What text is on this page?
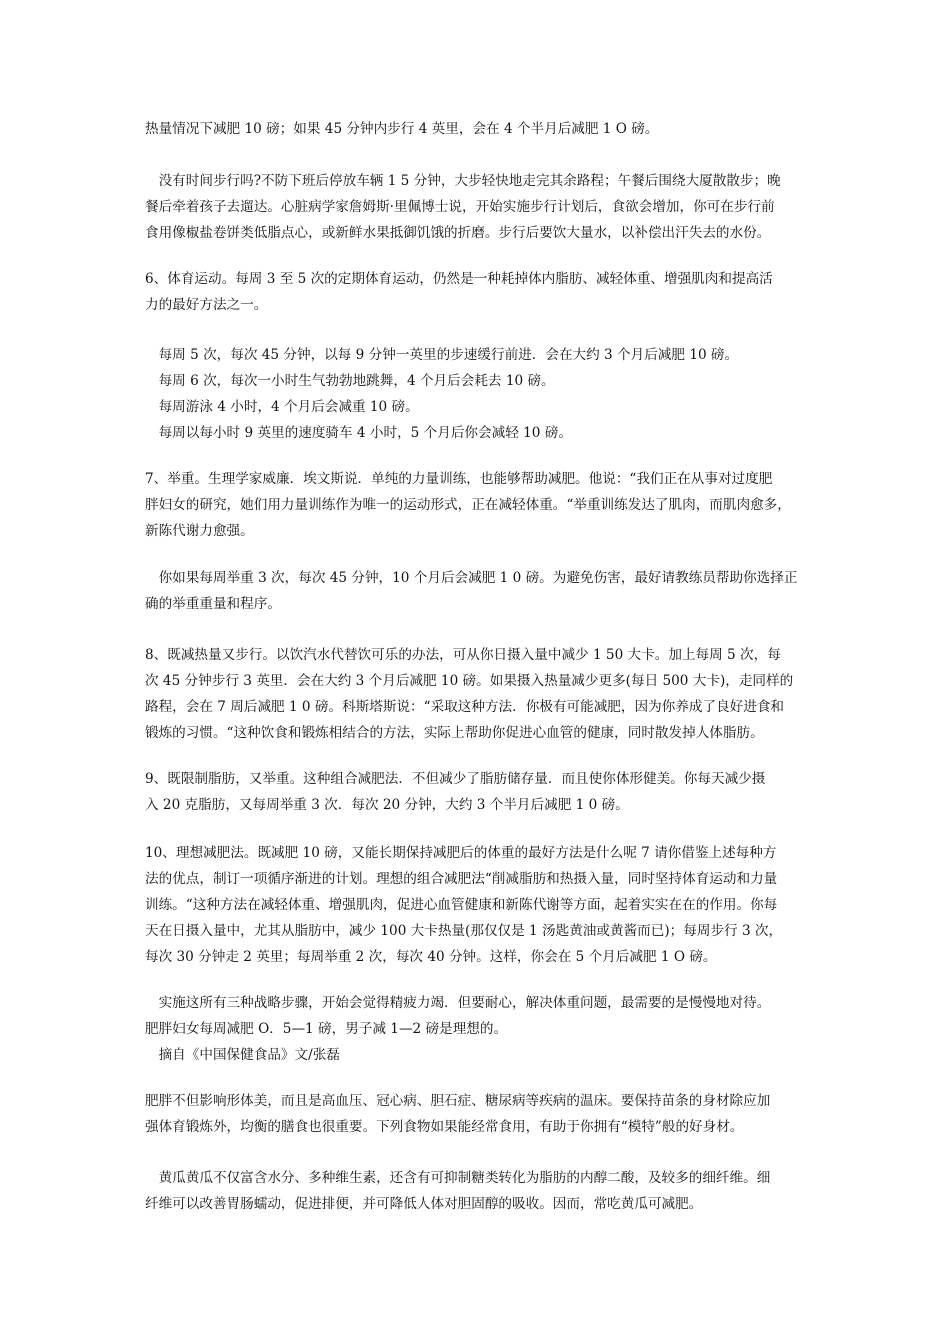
热量情况下减肥 10 磅；如果 45 分钟内步行 4 英里，会在 4 个半月后减肥 1 O 磅。

　没有时间步行吗?不防下班后停放车辆 1 5 分钟，大步轻快地走完其余路程；午餐后围绕大厦散散步；晚
餐后牵着孩子去遛达。心脏病学家詹姆斯·里佩博士说，开始实施步行计划后，食欲会增加，你可在步行前
食用像椒盐卷饼类低脂点心，或新鲜水果抵御饥饿的折磨。步行后要饮大量水，以补偿出汗失去的水份。

6、体育运动。每周 3 至 5 次的定期体育运动，仍然是一种耗掉体内脂肪、减轻体重、增强肌肉和提高活
力的最好方法之一。

　每周 5 次，每次 45 分钟，以每 9 分钟一英里的步速缓行前进．会在大约 3 个月后减肥 10 磅。
　每周 6 次，每次一小时生气勃勃地跳舞，4 个月后会耗去 10 磅。
　每周游泳 4 小时，4 个月后会减重 10 磅。
　每周以每小时 9 英里的速度骑车 4 小时，5 个月后你会减轻 10 磅。

7、举重。生理学家威廉．埃文斯说．单纯的力量训练，也能够帮助减肥。他说：“我们正在从事对过度肥
胖妇女的研究，她们用力量训练作为唯一的运动形式，正在减轻体重。“举重训练发达了肌肉，而肌肉愈多，
新陈代谢力愈强。

　你如果每周举重 3 次，每次 45 分钟，10 个月后会减肥 1 0 磅。为避免伤害，最好请教练员帮助你选择正
确的举重重量和程序。

8、既减热量又步行。以饮汽水代替饮可乐的办法，可从你日摄入量中减少 1 50 大卡。加上每周 5 次，每
次 45 分钟步行 3 英里．会在大约 3 个月后减肥 10 磅。如果摄入热量减少更多(每日 500 大卡)，走同样的
路程，会在 7 周后减肥 1 0 磅。科斯塔斯说：“采取这种方法．你极有可能减肥，因为你养成了良好进食和
锻炼的习惯。“这种饮食和锻炼相结合的方法，实际上帮助你促进心血管的健康，同时散发掉人体脂肪。

9、既限制脂肪，又举重。这种组合减肥法．不但减少了脂肪储存量．而且使你体形健美。你每天减少摄
入 20 克脂肪，又每周举重 3 次．每次 20 分钟，大约 3 个半月后减肥 1 0 磅。

10、理想减肥法。既减肥 10 磅，又能长期保持减肥后的体重的最好方法是什么呢 7 请你借鉴上述每种方
法的优点，制订一项循序渐进的计划。理想的组合减肥法“削减脂肪和热摄入量，同时坚持体育运动和力量
训练。“这种方法在减轻体重、增强肌肉，促进心血管健康和新陈代谢等方面，起着实实在在的作用。你每
天在日摄入量中，尤其从脂肪中，减少 100 大卡热量(那仅仅是 1 汤匙黄油或黄酱而已)；每周步行 3 次，
每次 30 分钟走 2 英里；每周举重 2 次，每次 40 分钟。这样，你会在 5 个月后减肥 1 O 磅。

　实施这所有三种战略步骤，开始会觉得精疲力竭．但要耐心，解决体重问题，最需要的是慢慢地对待。
肥胖妇女每周减肥 O．5—1 磅，男子减 1—2 磅是理想的。
　摘自《中国保健食品》文/张磊

肥胖不但影响形体美，而且是高血压、冠心病、胆石症、糖尿病等疾病的温床。要保持苗条的身材除应加
强体育锻炼外，均衡的膳食也很重要。下列食物如果能经常食用，有助于你拥有“模特”般的好身材。

　黄瓜黄瓜不仅富含水分、多种维生素，还含有可抑制糖类转化为脂肪的内醇二酸，及较多的细纤维。细
纤维可以改善胃肠蠕动，促进排便，并可降低人体对胆固醇的吸收。因而，常吃黄瓜可减肥。
